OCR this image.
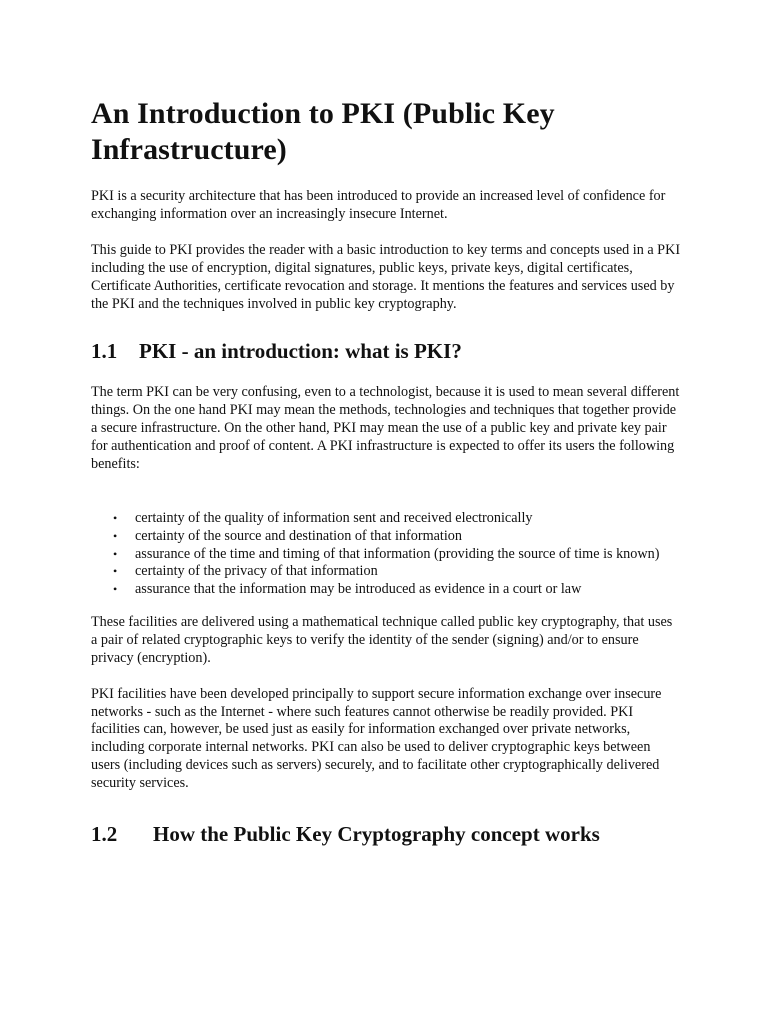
An Introduction to PKI (Public Key Infrastructure)

PKI is a security architecture that has been introduced to provide an increased level of confidence for exchanging information over an increasingly insecure Internet.

This guide to PKI provides the reader with a basic introduction to key terms and concepts used in a PKI including the use of encryption, digital signatures, public keys, private keys, digital certificates, Certificate Authorities, certificate revocation and storage. It mentions the features and services used by the PKI and the techniques involved in public key cryptography.

1.1	PKI - an introduction: what is PKI?

The term PKI can be very confusing, even to a technologist, because it is used to mean several different things. On the one hand PKI may mean the methods, technologies and techniques that together provide a secure infrastructure. On the other hand, PKI may mean the use of a public key and private key pair for authentication and proof of content. A PKI infrastructure is expected to offer its users the following benefits:

• certainty of the quality of information sent and received electronically
• certainty of the source and destination of that information
• assurance of the time and timing of that information (providing the source of time is known)
• certainty of the privacy of that information
• assurance that the information may be introduced as evidence in a court or law

These facilities are delivered using a mathematical technique called public key cryptography, that uses a pair of related cryptographic keys to verify the identity of the sender (signing) and/or to ensure privacy (encryption).

PKI facilities have been developed principally to support secure information exchange over insecure networks - such as the Internet - where such features cannot otherwise be readily provided. PKI facilities can, however, be used just as easily for information exchanged over private networks, including corporate internal networks. PKI can also be used to deliver cryptographic keys between users (including devices such as servers) securely, and to facilitate other cryptographically delivered security services.

1.2	How the Public Key Cryptography concept works
